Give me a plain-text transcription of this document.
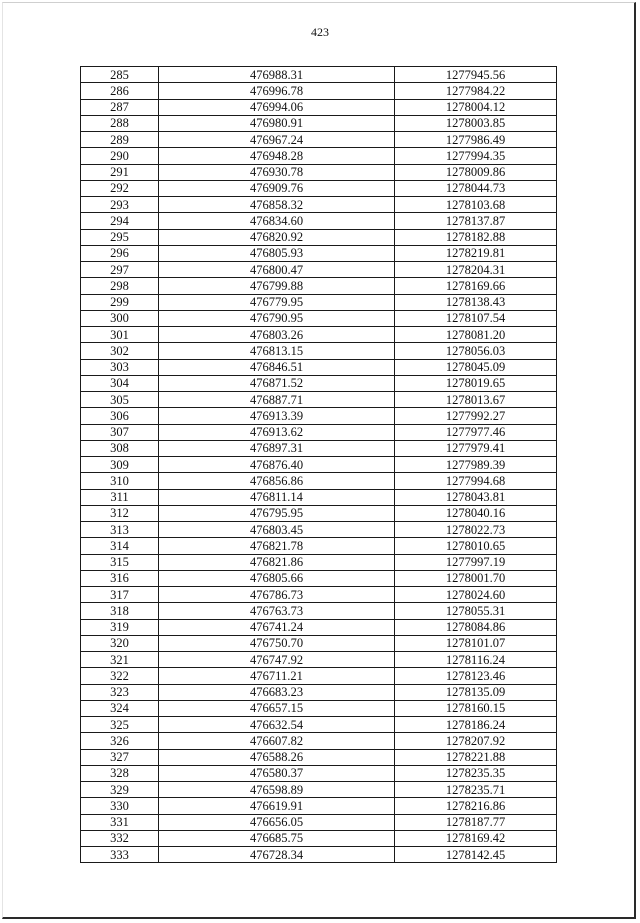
423
285	476988.31	1277945.56
286	476996.78	1277984.22
287	476994.06	1278004.12
288	476980.91	1278003.85
289	476967.24	1277986.49
290	476948.28	1277994.35
291	476930.78	1278009.86
292	476909.76	1278044.73
293	476858.32	1278103.68
294	476834.60	1278137.87
295	476820.92	1278182.88
296	476805.93	1278219.81
297	476800.47	1278204.31
298	476799.88	1278169.66
299	476779.95	1278138.43
300	476790.95	1278107.54
301	476803.26	1278081.20
302	476813.15	1278056.03
303	476846.51	1278045.09
304	476871.52	1278019.65
305	476887.71	1278013.67
306	476913.39	1277992.27
307	476913.62	1277977.46
308	476897.31	1277979.41
309	476876.40	1277989.39
310	476856.86	1277994.68
311	476811.14	1278043.81
312	476795.95	1278040.16
313	476803.45	1278022.73
314	476821.78	1278010.65
315	476821.86	1277997.19
316	476805.66	1278001.70
317	476786.73	1278024.60
318	476763.73	1278055.31
319	476741.24	1278084.86
320	476750.70	1278101.07
321	476747.92	1278116.24
322	476711.21	1278123.46
323	476683.23	1278135.09
324	476657.15	1278160.15
325	476632.54	1278186.24
326	476607.82	1278207.92
327	476588.26	1278221.88
328	476580.37	1278235.35
329	476598.89	1278235.71
330	476619.91	1278216.86
331	476656.05	1278187.77
332	476685.75	1278169.42
333	476728.34	1278142.45
